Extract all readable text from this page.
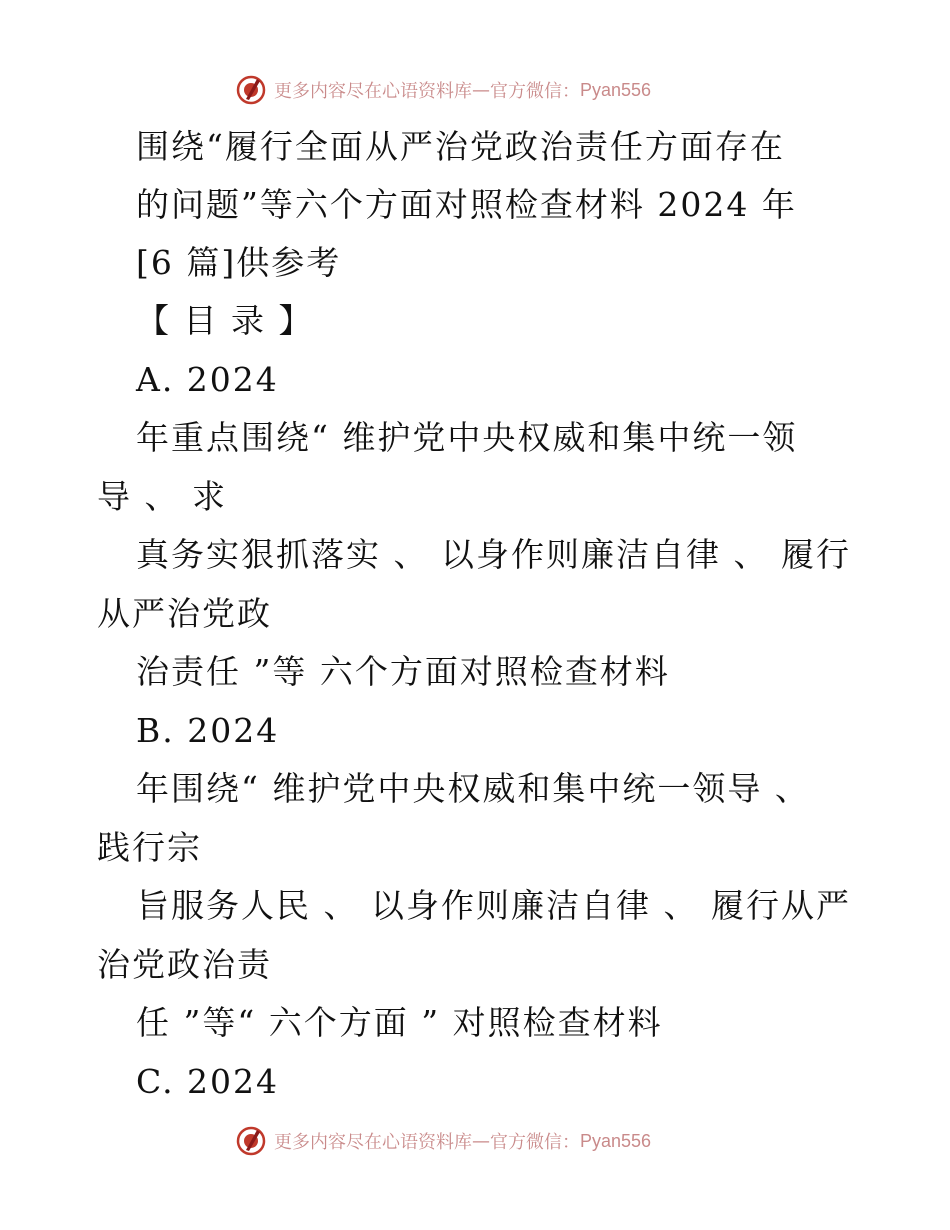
更多内容尽在心语资料库 — 官方微信： Pyan556
围绕“履行全面从严治党政治责任方面存在
的问题”等六个方面对照检查材料 2024 年
[6 篇]供参考
【 目 录 】
A. 2024
年重点围绕“ 维护党中央权威和集中统一领
导 、 求
真务实狠抓落实 、 以身作则廉洁自律 、 履行
从严治党政
治责任 ”等 六个方面对照检查材料
B. 2024
年围绕“ 维护党中央权威和集中统一领导 、
践行宗
旨服务人民 、 以身作则廉洁自律 、 履行从严
治党政治责
任 ”等“ 六个方面 ” 对照检查材料
C. 2024
更多内容尽在心语资料库 — 官方微信： Pyan556
